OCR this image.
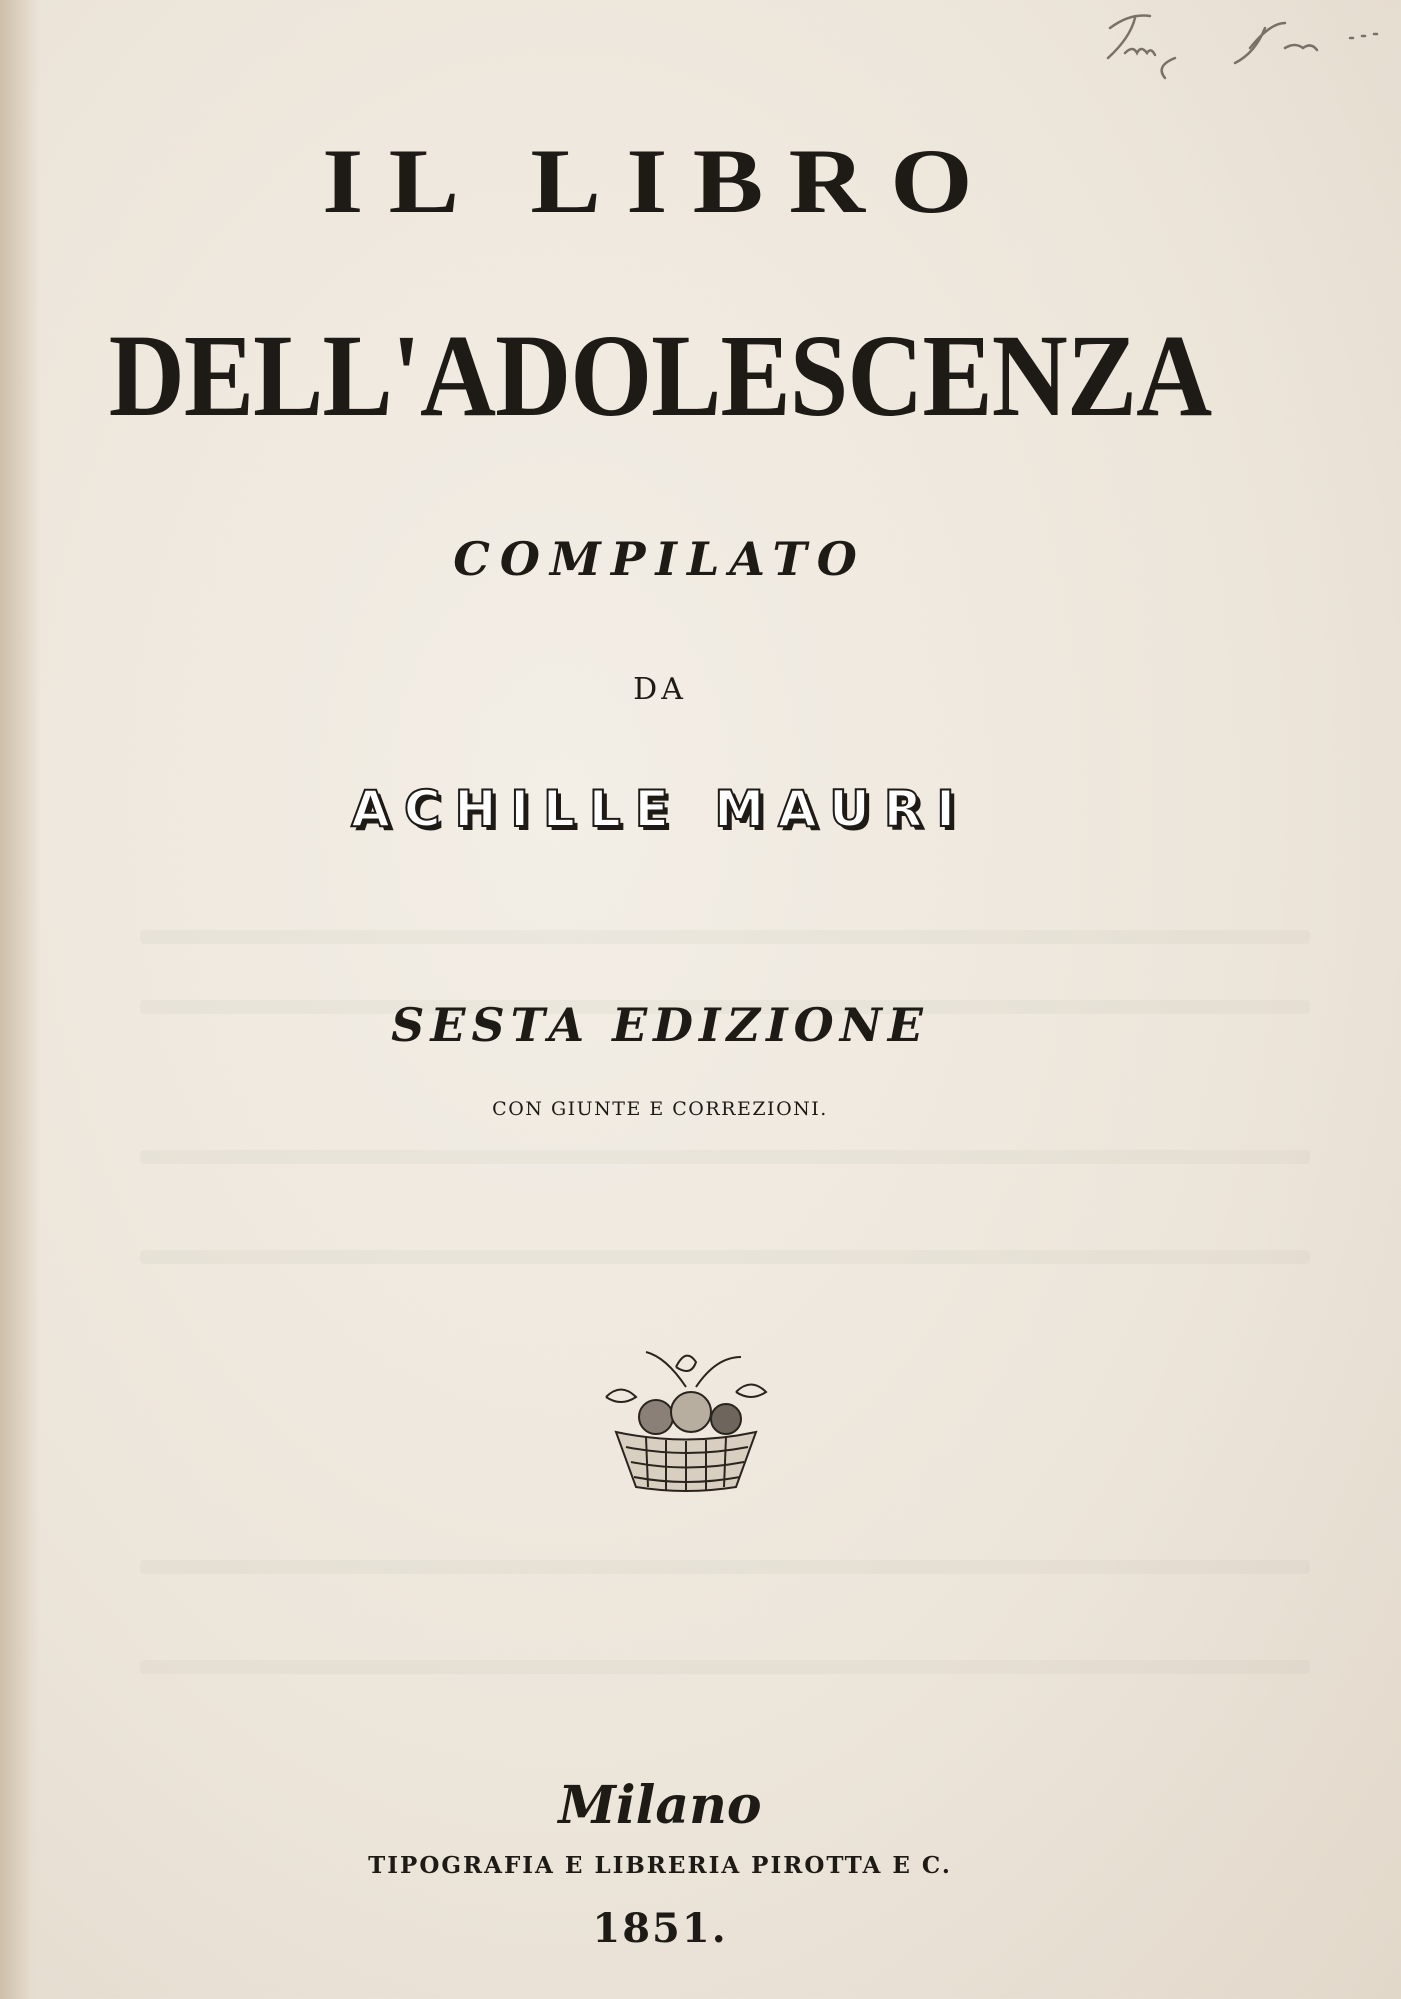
IL LIBRO
DELL'ADOLESCENZA
COMPILATO
DA
ACHILLE MAURI
SESTA EDIZIONE
CON GIUNTE E CORREZIONI.
Milano
TIPOGRAFIA E LIBRERIA PIROTTA E C.
1851.
